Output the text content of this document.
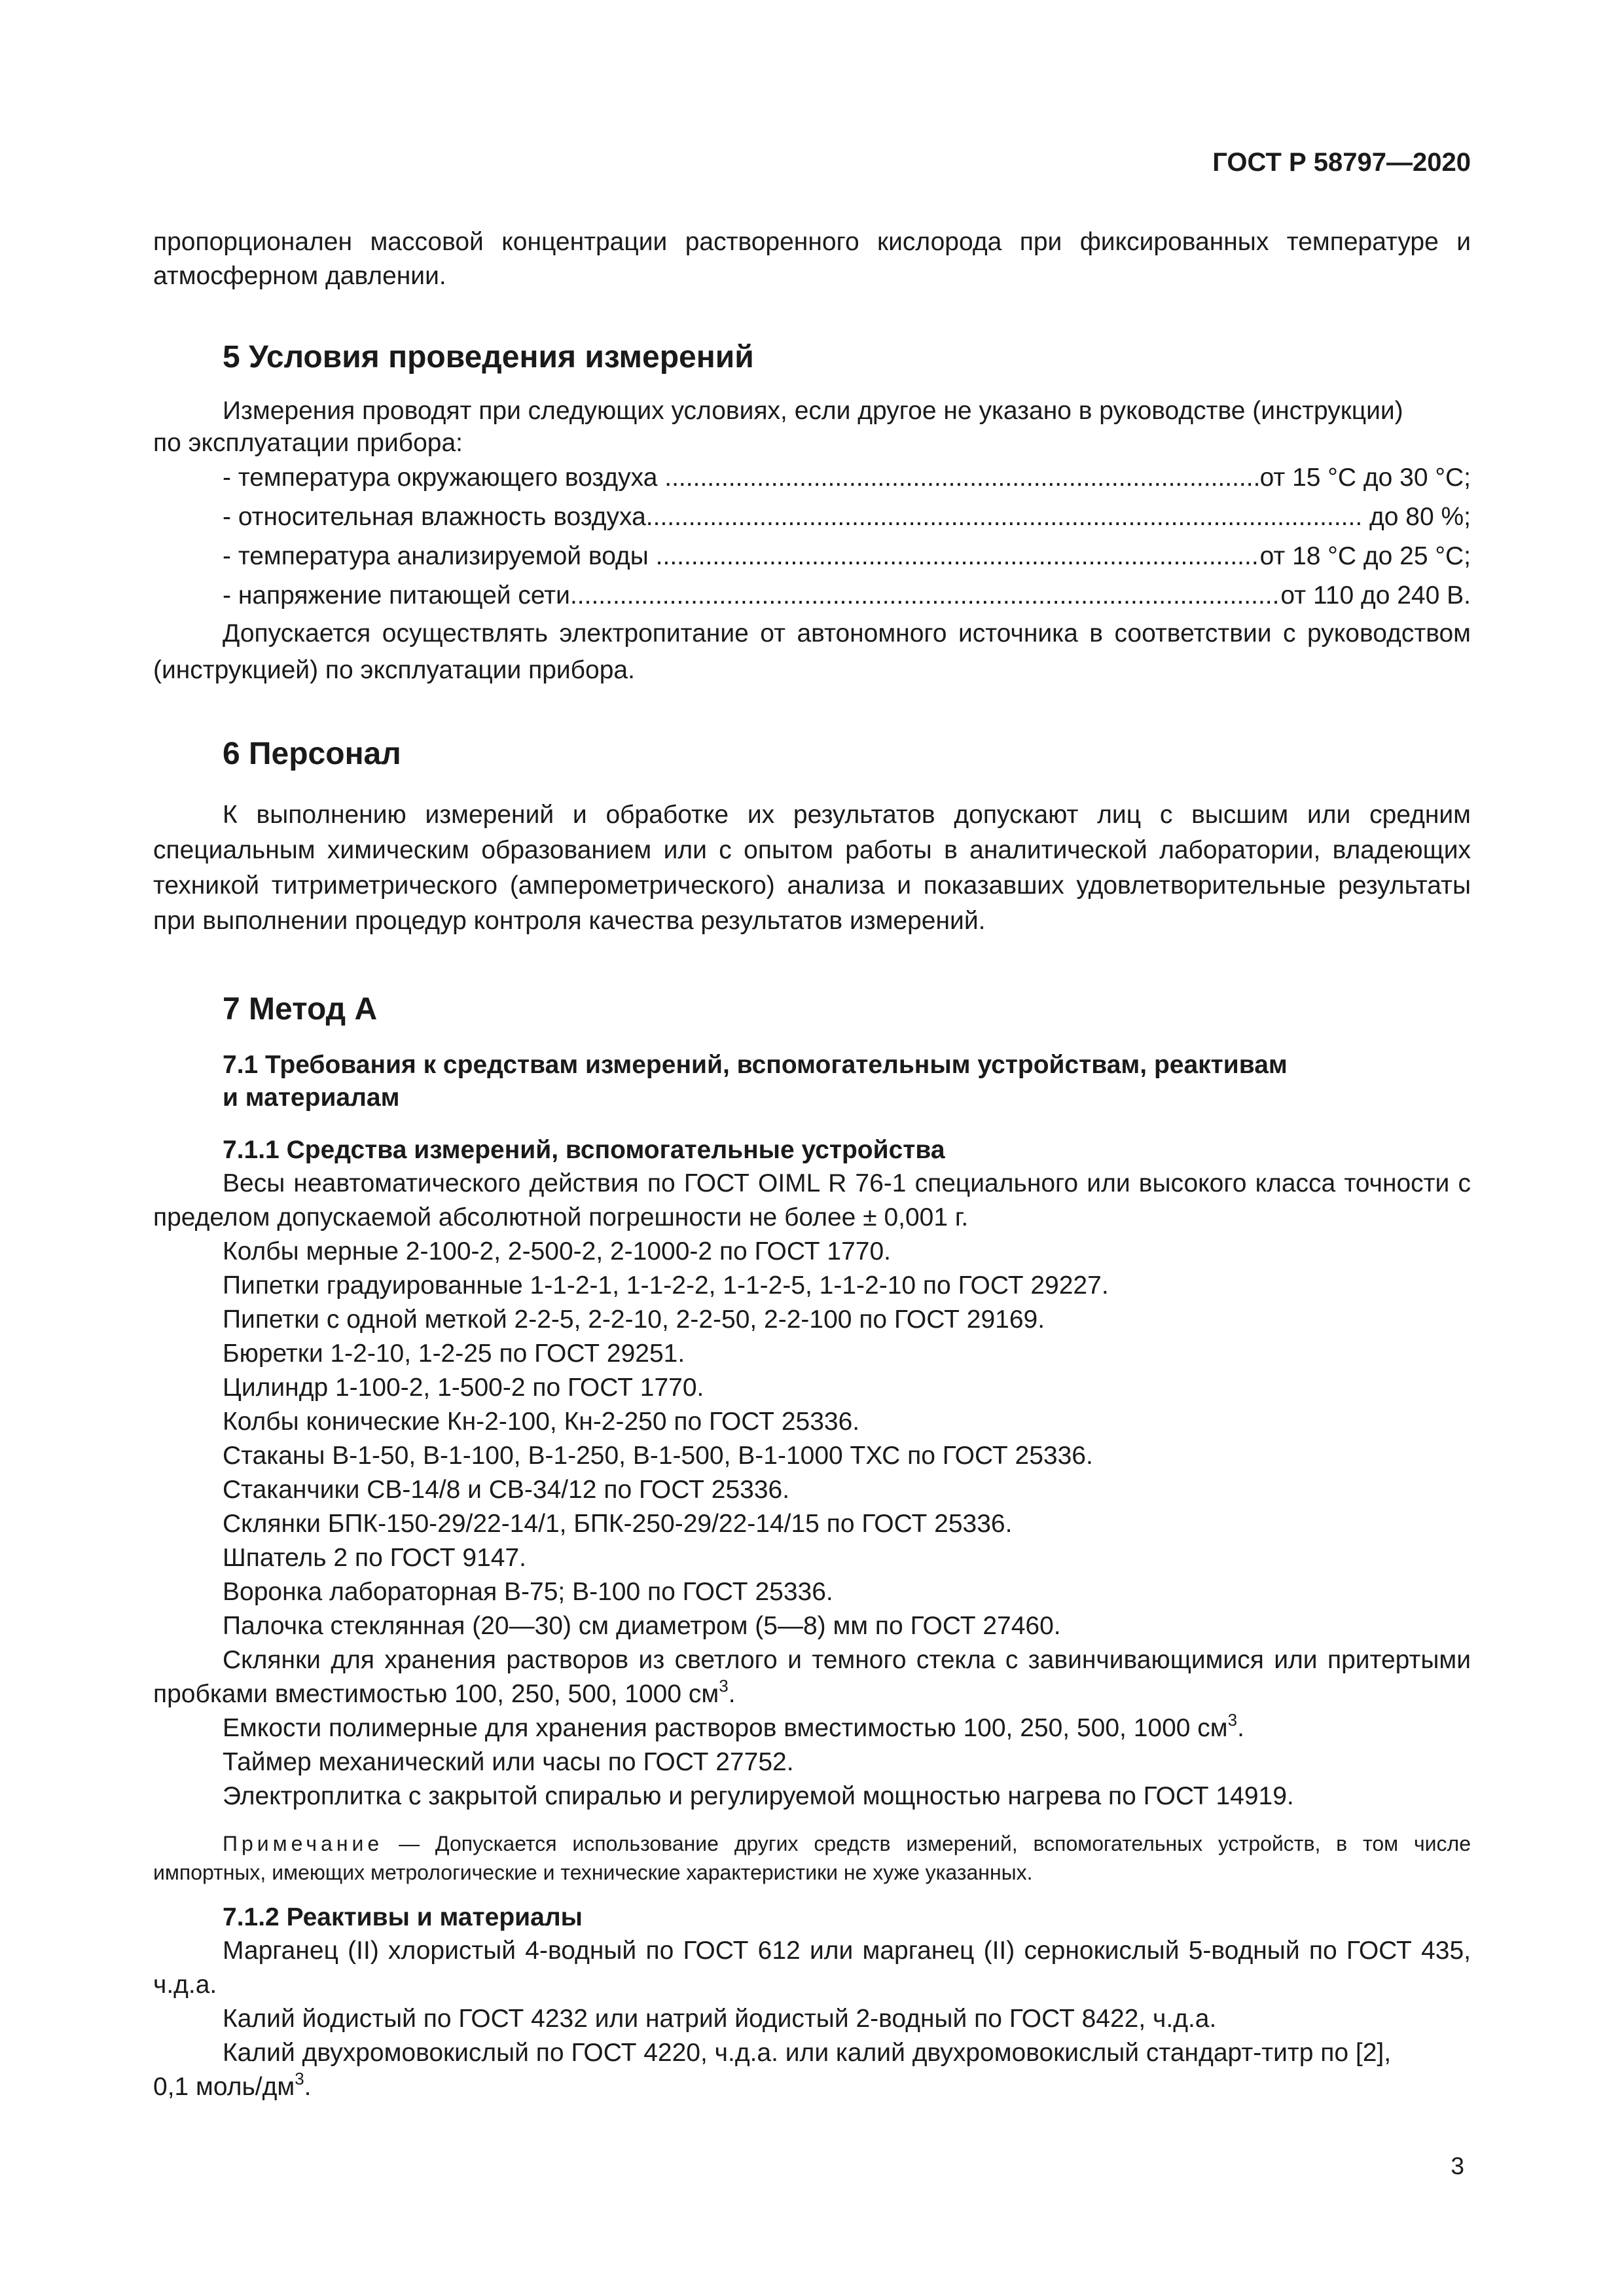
ГОСТ Р 58797—2020

пропорционален массовой концентрации растворенного кислорода при фиксированных температуре и атмосферном давлении.

5 Условия проведения измерений

Измерения проводят при следующих условиях, если другое не указано в руководстве (инструкции)

по эксплуатации прибора:

- температура окружающего воздуха .....	от 15 °С до 30 °С;
- относительная влажность воздуха .....	до 80 %;
- температура анализируемой воды .....	от 18 °С до 25 °С;
- напряжение питающей сети .....	от 110 до 240 В.

Допускается осуществлять электропитание от автономного источника в соответствии с руководством (инструкцией) по эксплуатации прибора.

6 Персонал

К выполнению измерений и обработке их результатов допускают лиц с высшим или средним специальным химическим образованием или с опытом работы в аналитической лаборатории, владеющих техникой титриметрического (амперометрического) анализа и показавших удовлетворительные результаты при выполнении процедур контроля качества результатов измерений.

7 Метод А
7.1 Требования к средствам измерений, вспомогательным устройствам, реактивам
и материалам
7.1.1 Средства измерений, вспомогательные устройства

Весы неавтоматического действия по ГОСТ OIML R 76-1 специального или высокого класса точности с пределом допускаемой абсолютной погрешности не более ± 0,001 г.

Колбы мерные 2-100-2, 2-500-2, 2-1000-2 по ГОСТ 1770.

Пипетки градуированные 1-1-2-1, 1-1-2-2, 1-1-2-5, 1-1-2-10 по ГОСТ 29227.

Пипетки с одной меткой 2-2-5, 2-2-10, 2-2-50, 2-2-100 по ГОСТ 29169.

Бюретки 1-2-10, 1-2-25 по ГОСТ 29251.

Цилиндр 1-100-2, 1-500-2 по ГОСТ 1770.

Колбы конические Кн-2-100, Кн-2-250 по ГОСТ 25336.

Стаканы В-1-50, В-1-100, В-1-250, В-1-500, В-1-1000 ТХС по ГОСТ 25336.

Стаканчики СВ-14/8 и СВ-34/12 по ГОСТ 25336.

Склянки БПК-150-29/22-14/1, БПК-250-29/22-14/15 по ГОСТ 25336.

Шпатель 2 по ГОСТ 9147.

Воронка лабораторная В-75; В-100 по ГОСТ 25336.

Палочка стеклянная (20—30) см диаметром (5—8) мм по ГОСТ 27460.

Склянки для хранения растворов из светлого и темного стекла с завинчивающимися или притертыми пробками вместимостью 100, 250, 500, 1000 $см^3$.

Емкости полимерные для хранения растворов вместимостью 100, 250, 500, 1000 $см^3$.

Таймер механический или часы по ГОСТ 27752.

Электроплитка с закрытой спиралью и регулируемой мощностью нагрева по ГОСТ 14919.

Примечание — Допускается использование других средств измерений, вспомогательных устройств, в том числе импортных, имеющих метрологические и технические характеристики не хуже указанных.

7.1.2 Реактивы и материалы

Марганец (II) хлористый 4-водный по ГОСТ 612 или марганец (II) сернокислый 5-водный по ГОСТ 435, ч.д.а.

Калий йодистый по ГОСТ 4232 или натрий йодистый 2-водный по ГОСТ 8422, ч.д.а.

Калий двухромовокислый по ГОСТ 4220, ч.д.а. или калий двухромовокислый стандарт-титр по [2],

0,1 моль/$дм^3$.

3
